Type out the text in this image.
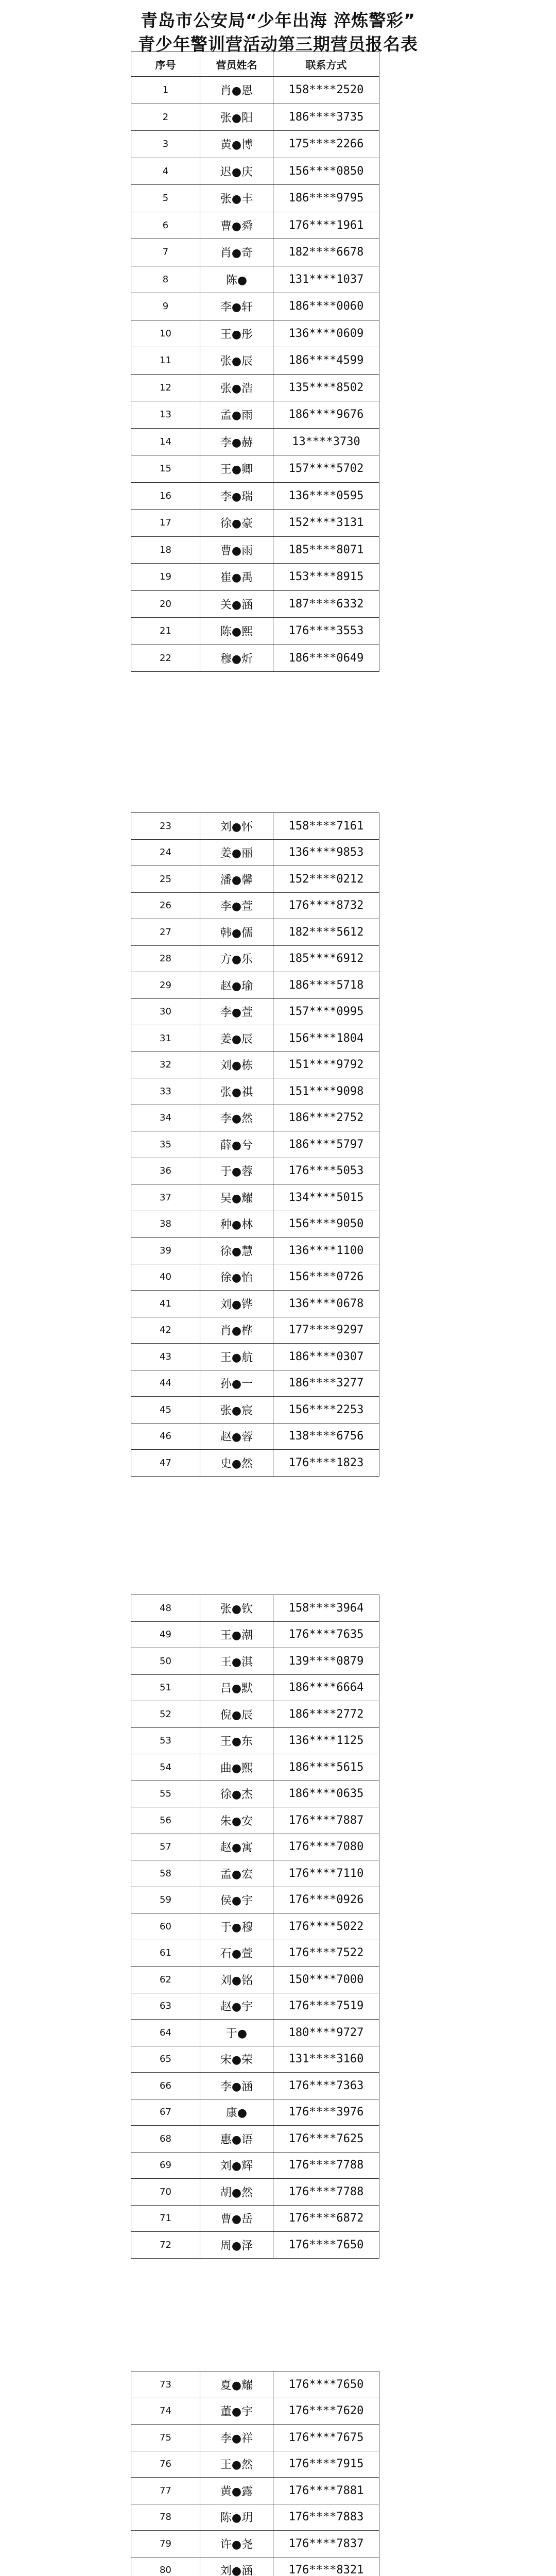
青岛市公安局“少年出海 淬炼警彩”
青少年警训营活动第三期营员报名表
序号	营员姓名	联系方式
1	肖●恩	158****2520
2	张●阳	186****3735
3	黄●博	175****2266
4	迟●庆	156****0850
5	张●丰	186****9795
6	曹●舜	176****1961
7	肖●奇	182****6678
8	陈●	131****1037
9	李●轩	186****0060
10	王●彤	136****0609
11	张●辰	186****4599
12	张●浩	135****8502
13	孟●雨	186****9676
14	李●赫	13****3730
15	王●卿	157****5702
16	李●瑞	136****0595
17	徐●豪	152****3131
18	曹●雨	185****8071
19	崔●禹	153****8915
20	关●涵	187****6332
21	陈●熙	176****3553
22	穆●炘	186****0649
23	刘●怀	158****7161
24	姜●丽	136****9853
25	潘●馨	152****0212
26	李●萱	176****8732
27	韩●儒	182****5612
28	方●乐	185****6912
29	赵●瑜	186****5718
30	李●萱	157****0995
31	姜●辰	156****1804
32	刘●栋	151****9792
33	张●祺	151****9098
34	李●然	186****2752
35	薛●兮	186****5797
36	于●蓉	176****5053
37	吴●耀	134****5015
38	种●林	156****9050
39	徐●慧	136****1100
40	徐●怡	156****0726
41	刘●铧	136****0678
42	肖●桦	177****9297
43	王●航	186****0307
44	孙●一	186****3277
45	张●宸	156****2253
46	赵●蓉	138****6756
47	史●然	176****1823
48	张●钦	158****3964
49	王●潮	176****7635
50	王●淇	139****0879
51	吕●默	186****6664
52	倪●辰	186****2772
53	王●东	136****1125
54	曲●熙	186****5615
55	徐●杰	186****0635
56	朱●安	176****7887
57	赵●寓	176****7080
58	孟●宏	176****7110
59	侯●宇	176****0926
60	于●穆	176****5022
61	石●萱	176****7522
62	刘●铭	150****7000
63	赵●宇	176****7519
64	于●	180****9727
65	宋●荣	131****3160
66	李●涵	176****7363
67	康●	176****3976
68	惠●语	176****7625
69	刘●辉	176****7788
70	胡●然	176****7788
71	曹●岳	176****6872
72	周●泽	176****7650
73	夏●耀	176****7650
74	董●宇	176****7620
75	李●祥	176****7675
76	王●然	176****7915
77	黄●露	176****7881
78	陈●玥	176****7883
79	许●尧	176****7837
80	刘●涵	176****8321
